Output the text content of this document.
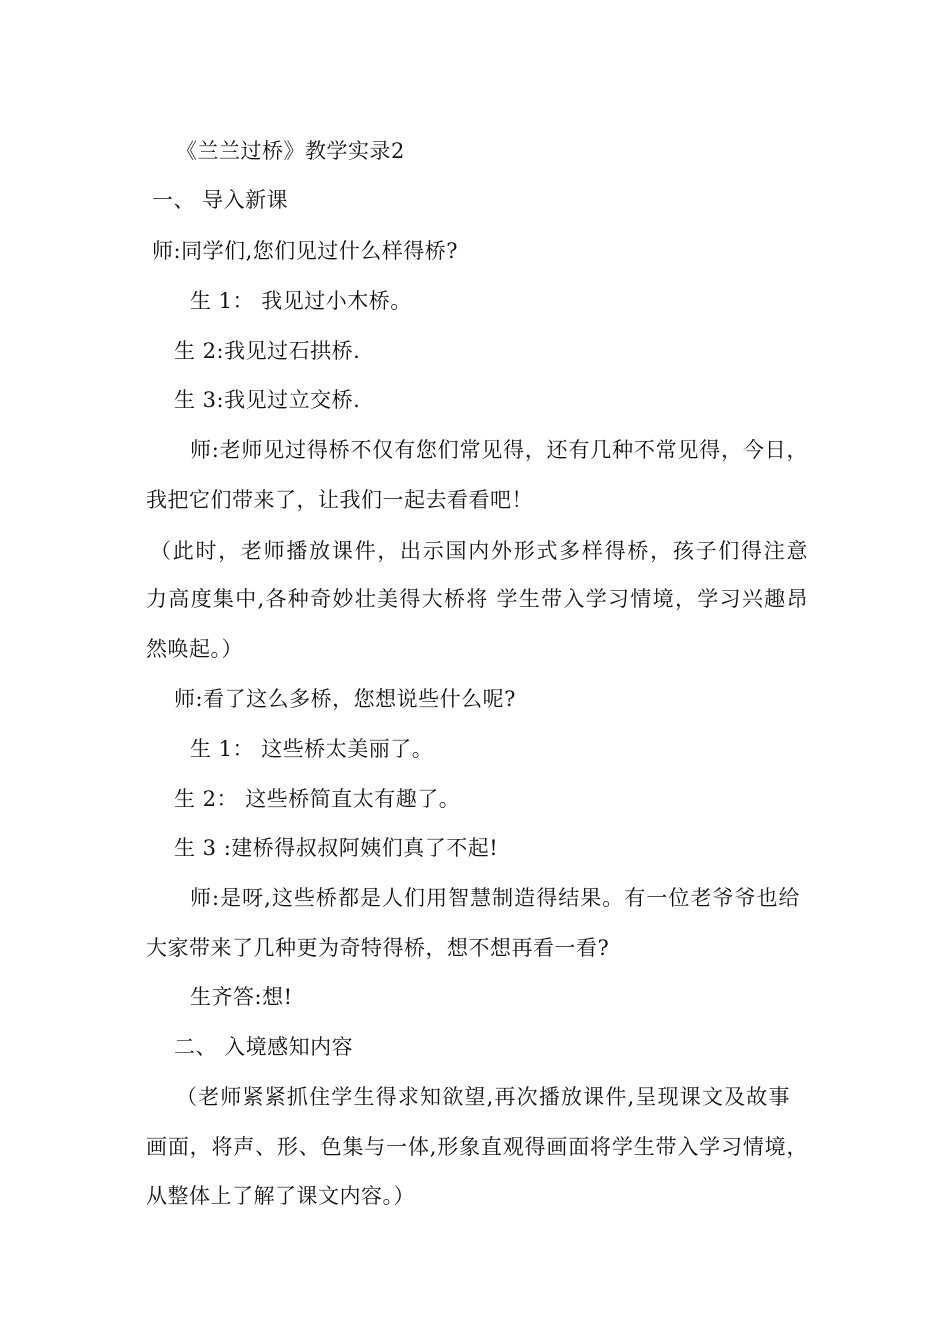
《兰兰过桥》教学实录2
一、 导入新课
师:同学们,您们见过什么样得桥?
生 1： 我见过小木桥。
生 2:我见过石拱桥.
生 3:我见过立交桥.
师:老师见过得桥不仅有您们常见得，还有几种不常见得，今日，
我把它们带来了，让我们一起去看看吧！
（此时，老师播放课件，出示国内外形式多样得桥，孩子们得注意
力高度集中,各种奇妙壮美得大桥将 学生带入学习情境，学习兴趣昂
然唤起。）
师:看了这么多桥，您想说些什么呢?
生 1： 这些桥太美丽了。
生 2： 这些桥简直太有趣了。
生 3 :建桥得叔叔阿姨们真了不起!
师:是呀,这些桥都是人们用智慧制造得结果。有一位老爷爷也给
大家带来了几种更为奇特得桥，想不想再看一看?
生齐答:想!
二、 入境感知内容
（老师紧紧抓住学生得求知欲望,再次播放课件,呈现课文及故事
画面，将声、形、色集与一体,形象直观得画面将学生带入学习情境，
从整体上了解了课文内容。）
